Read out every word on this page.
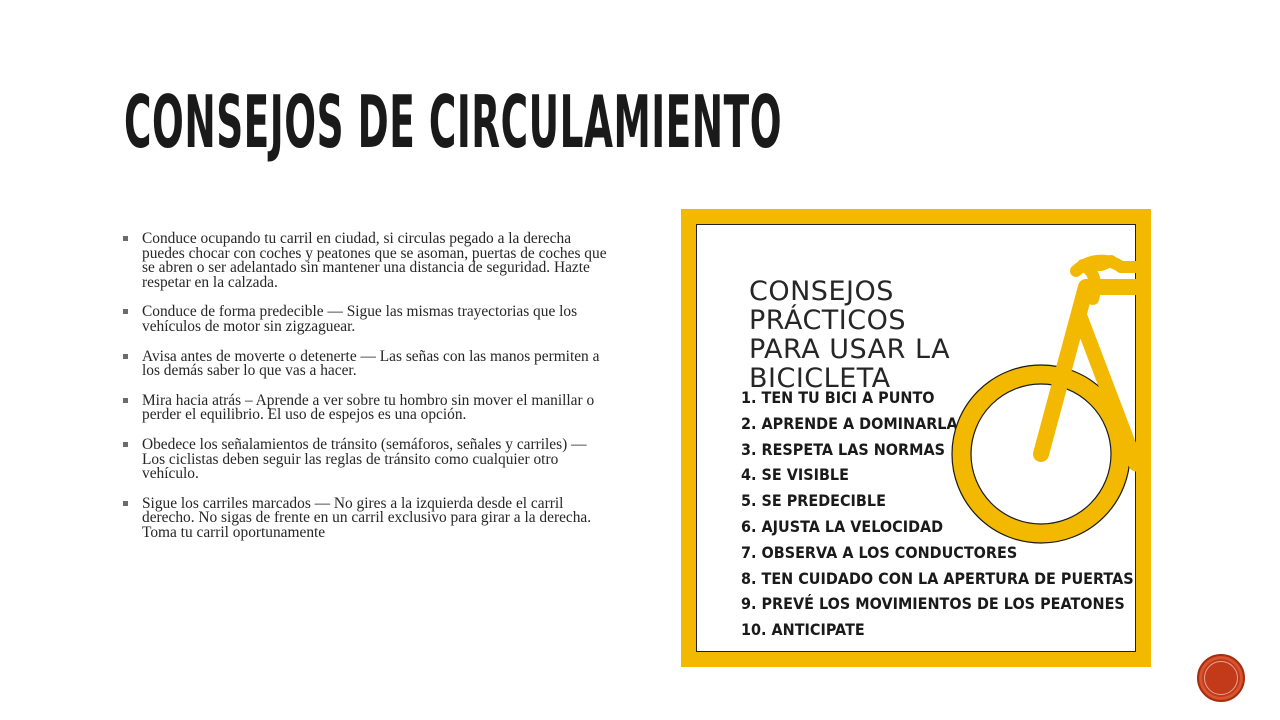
CONSEJOS DE CIRCULAMIENTO
Conduce ocupando tu carril en ciudad, si circulas pegado a la derecha puedes chocar con coches y peatones que se asoman, puertas de coches que se abren o ser adelantado sin mantener una distancia de seguridad. Hazte respetar en la calzada.
Conduce de forma predecible — Sigue las mismas trayectorias que los vehículos de motor sin zigzaguear.
Avisa antes de moverte o detenerte — Las señas con las manos permiten a los demás saber lo que vas a hacer.
Mira hacia atrás – Aprende a ver sobre tu hombro sin mover el manillar o perder el equilibrio. El uso de espejos es una opción.
Obedece los señalamientos de tránsito (semáforos, señales y carriles) — Los ciclistas deben seguir las reglas de tránsito como cualquier otro vehículo.
Sigue los carriles marcados — No gires a la izquierda desde el carril derecho. No sigas de frente en un carril exclusivo para girar a la derecha. Toma tu carril oportunamente
CONSEJOS PRÁCTICOS
PARA USAR LA
BICICLETA
1. TEN TU BICI A PUNTO
2. APRENDE A DOMINARLA
3. RESPETA LAS NORMAS
4. SE VISIBLE
5. SE PREDECIBLE
6. AJUSTA LA VELOCIDAD
7. OBSERVA A LOS CONDUCTORES
8. TEN CUIDADO CON LA APERTURA DE PUERTAS
9. PREVÉ LOS MOVIMIENTOS DE LOS PEATONES
10. ANTICIPATE
